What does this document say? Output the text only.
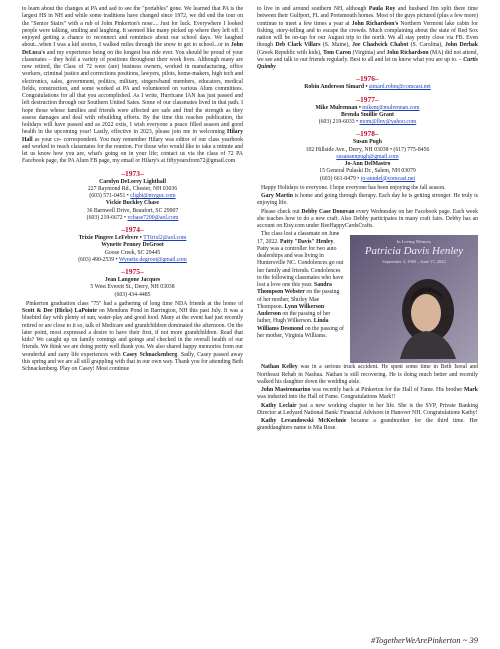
to learn about the changes at PA and sad to see the "portables" gone. We learned that PA is the largest HS in NH and while some traditions have changed since 1972, we did end the tour on the "Senior Stairs" with a rub of John Pinkerton's nose.... Just for luck. Everywhere I looked people were talking, smiling and laughing. It seemed like many picked up where they left off. I enjoyed getting a chance to reconnect and reminisce about our school days. We laughed about...when I was a kid stories, I walked miles through the snow to get to school...or in John DeLuca's and my experience being on the longest bus ride ever. You should be proud of your classmates – they hold a variety of positions throughout their work lives. Although many are now retired, the Class of 72 were (are) business owners, worked in manufacturing, office workers, criminal justice and corrections positions, lawyers, pilots, home-makers, high tech and electronics, sales, government, politics, military, singers/band members, educators, medical fields, construction, and some worked at PA and volunteered on various Alum committees. Congratulations for all that you accomplished. As I write, Hurricane IAN has just passed and left destruction through our Southern United Sates. Some of our classmates lived in that path. I hope those whose families and friends were affected are safe and find the strength as they assess damages and deal with rebuilding efforts. By the time this reaches publication, the holidays will have passed and as 2022 exits, I wish everyone a peace filled season and good health in the upcoming year! Lastly, effective in 2023, please join me in welcoming Hilary Hall as your co- correspondent. You may remember Hilary was editor of our class yearbook and worked to reach classmates for the reunion. For those who would like to take a minute and let us know how you are, what's going on in your life; contact us via the class of 72 PA Facebook page, the PA Alum FB page, my email or Hilary's at fiftyyearsfrom72@gmail.com

–1973–
Carolyn DeLorey Lighthall
227 Raymond Rd., Chester, NH 03036
(603) 571-0451 • clight@myguc.com
Vickie Buckley Chase
36 Barnwell Drive, Beaufort, SC 29907
(603) 219-6672 • vchase7200@aol.com
–1974–
Trixie Pingree LeFebvre • TTtrixl2@aol.com
Wynette Penney DeGroot
Goose Creek, SC 29445
(603) 490-2539 • Wynette.degroot@gmail.com
–1975–
Jean Langone Jacques
5 West Everett St., Derry, NH 03038
(603) 434-4485

Pinkerton graduation class "75" had a gathering of long time NDA friends at the home of Scott & Dee (Hicks) LaPointe on Menduns Pond in Barrington, NH this past July. It was a bluebird day with plenty of sun, water-play and good food. Many at the event had just recently retired or are close to it so, talk of Medicare and grandchildren dominated the afternoon. On the later point, most expressed a desire to have their first, if not more grandchildren. Read that kids? We caught up on family comings and goings and checked in the overall health of our friends. We think we are doing pretty well thank you. We also shared happy memories from our wonderful and zany life experiences with Casey Schnackenberg. Sadly, Casey passed away this spring and we are all still grappling with that in our own way. Thank you for attending Beth Schnackenberg. Play on Casey! Most continue

to live in and around southern NH, although Paula Roy and husband Jim split there time between their Gulfport, FL and Portsmouth homes. Most of the guys pictured (plus a few more) continue to meet a few times a year at John Richardson's Northern Vermont lake cabin for fishing, story-telling and to escape the crowds. Much complaining about the state of Red Sox nation will be on-tap for our August trip to the north. We all stay pretty close via FB. Even though Deb Clark Villars (S. Maine), Joe Chadwick Chabot (S. Carolina), John Derhak (Greek Republic with kids), Tom Caron (Virginia) and John Richardson (MA) did not attend, we see and talk to our friends regularly. Best to all and let us know what you are up to. – Curtis Quimby

–1976–
Robin Anderson Simard • simard.robin@comcast.net
–1977–
Mike Mulrennan • mikem@mulrennan.com
Brenda Smillie Grant
(603) 219-6033 • mom@llny@yahoo.com
–1978–
Susan Pugh
102 Hillside Ave., Derry, NH 03038 • (617) 775-8456
susanannpugh@gmail.com
Jo-Ann DelMastro
15 General Pulaski Dr., Salem, NH 03079
(603) 661-0479 • jo-anndel@comcast.net

Happy Holidays to everyone. I hope everyone has been enjoying the fall season.

Gary Martin is home and going through therapy. Each day he is getting stronger. He truly is enjoying life.

Please check out Debby Case Donovan every Wednesday on her Facebook page. Each week she teaches how to do a new craft. Also Debby participates in many craft fairs. Debby has an account on Etsy.com under BeeHappyCardsCrafts.

The class lost a classmate on June 17, 2022. Patty "Davis" Henley. Patty was a controller for two auto dealerships and was living in Huntersville NC. Condolences go out her family and friends. Condolences to the following classmates who have lost a love one this year. Sandra Thompson Webster on the passing of her mother, Shirley Mae Thompson. Lynn Wilkerson Anderson on the passing of her father, Hugh Wilkerson. Linda Williams Desmond on the passing of her mother, Virginia Williams.

In Loving Memory
Patricia Davis Henley
September 3, 1960 – June 17, 2022

Nathan Kelley was in a serious truck accident. He spent some time in Beth Isreal and Northeast Rehab in Nashua. Nathan is still recovering. He is doing much better and recently walked his daughter down the wedding aisle.

John Mastromarino was recently back at Pinkerton for the Hall of Fame. His brother Mark was inducted into the Hall of Fame. Congratulations Mark!!

Kathy Leclair just a new working chapter in her life. She is the SVP, Private Banking Director at Ledyard National Bank/ Financial Advisors in Hanover NH. Congratulations Kathy!

Kathy Levandowski McKechnie became a grandmother for the third time. Her granddaughters name is Mia Rose.

#TogetherWeArePinkerton ~ 39
